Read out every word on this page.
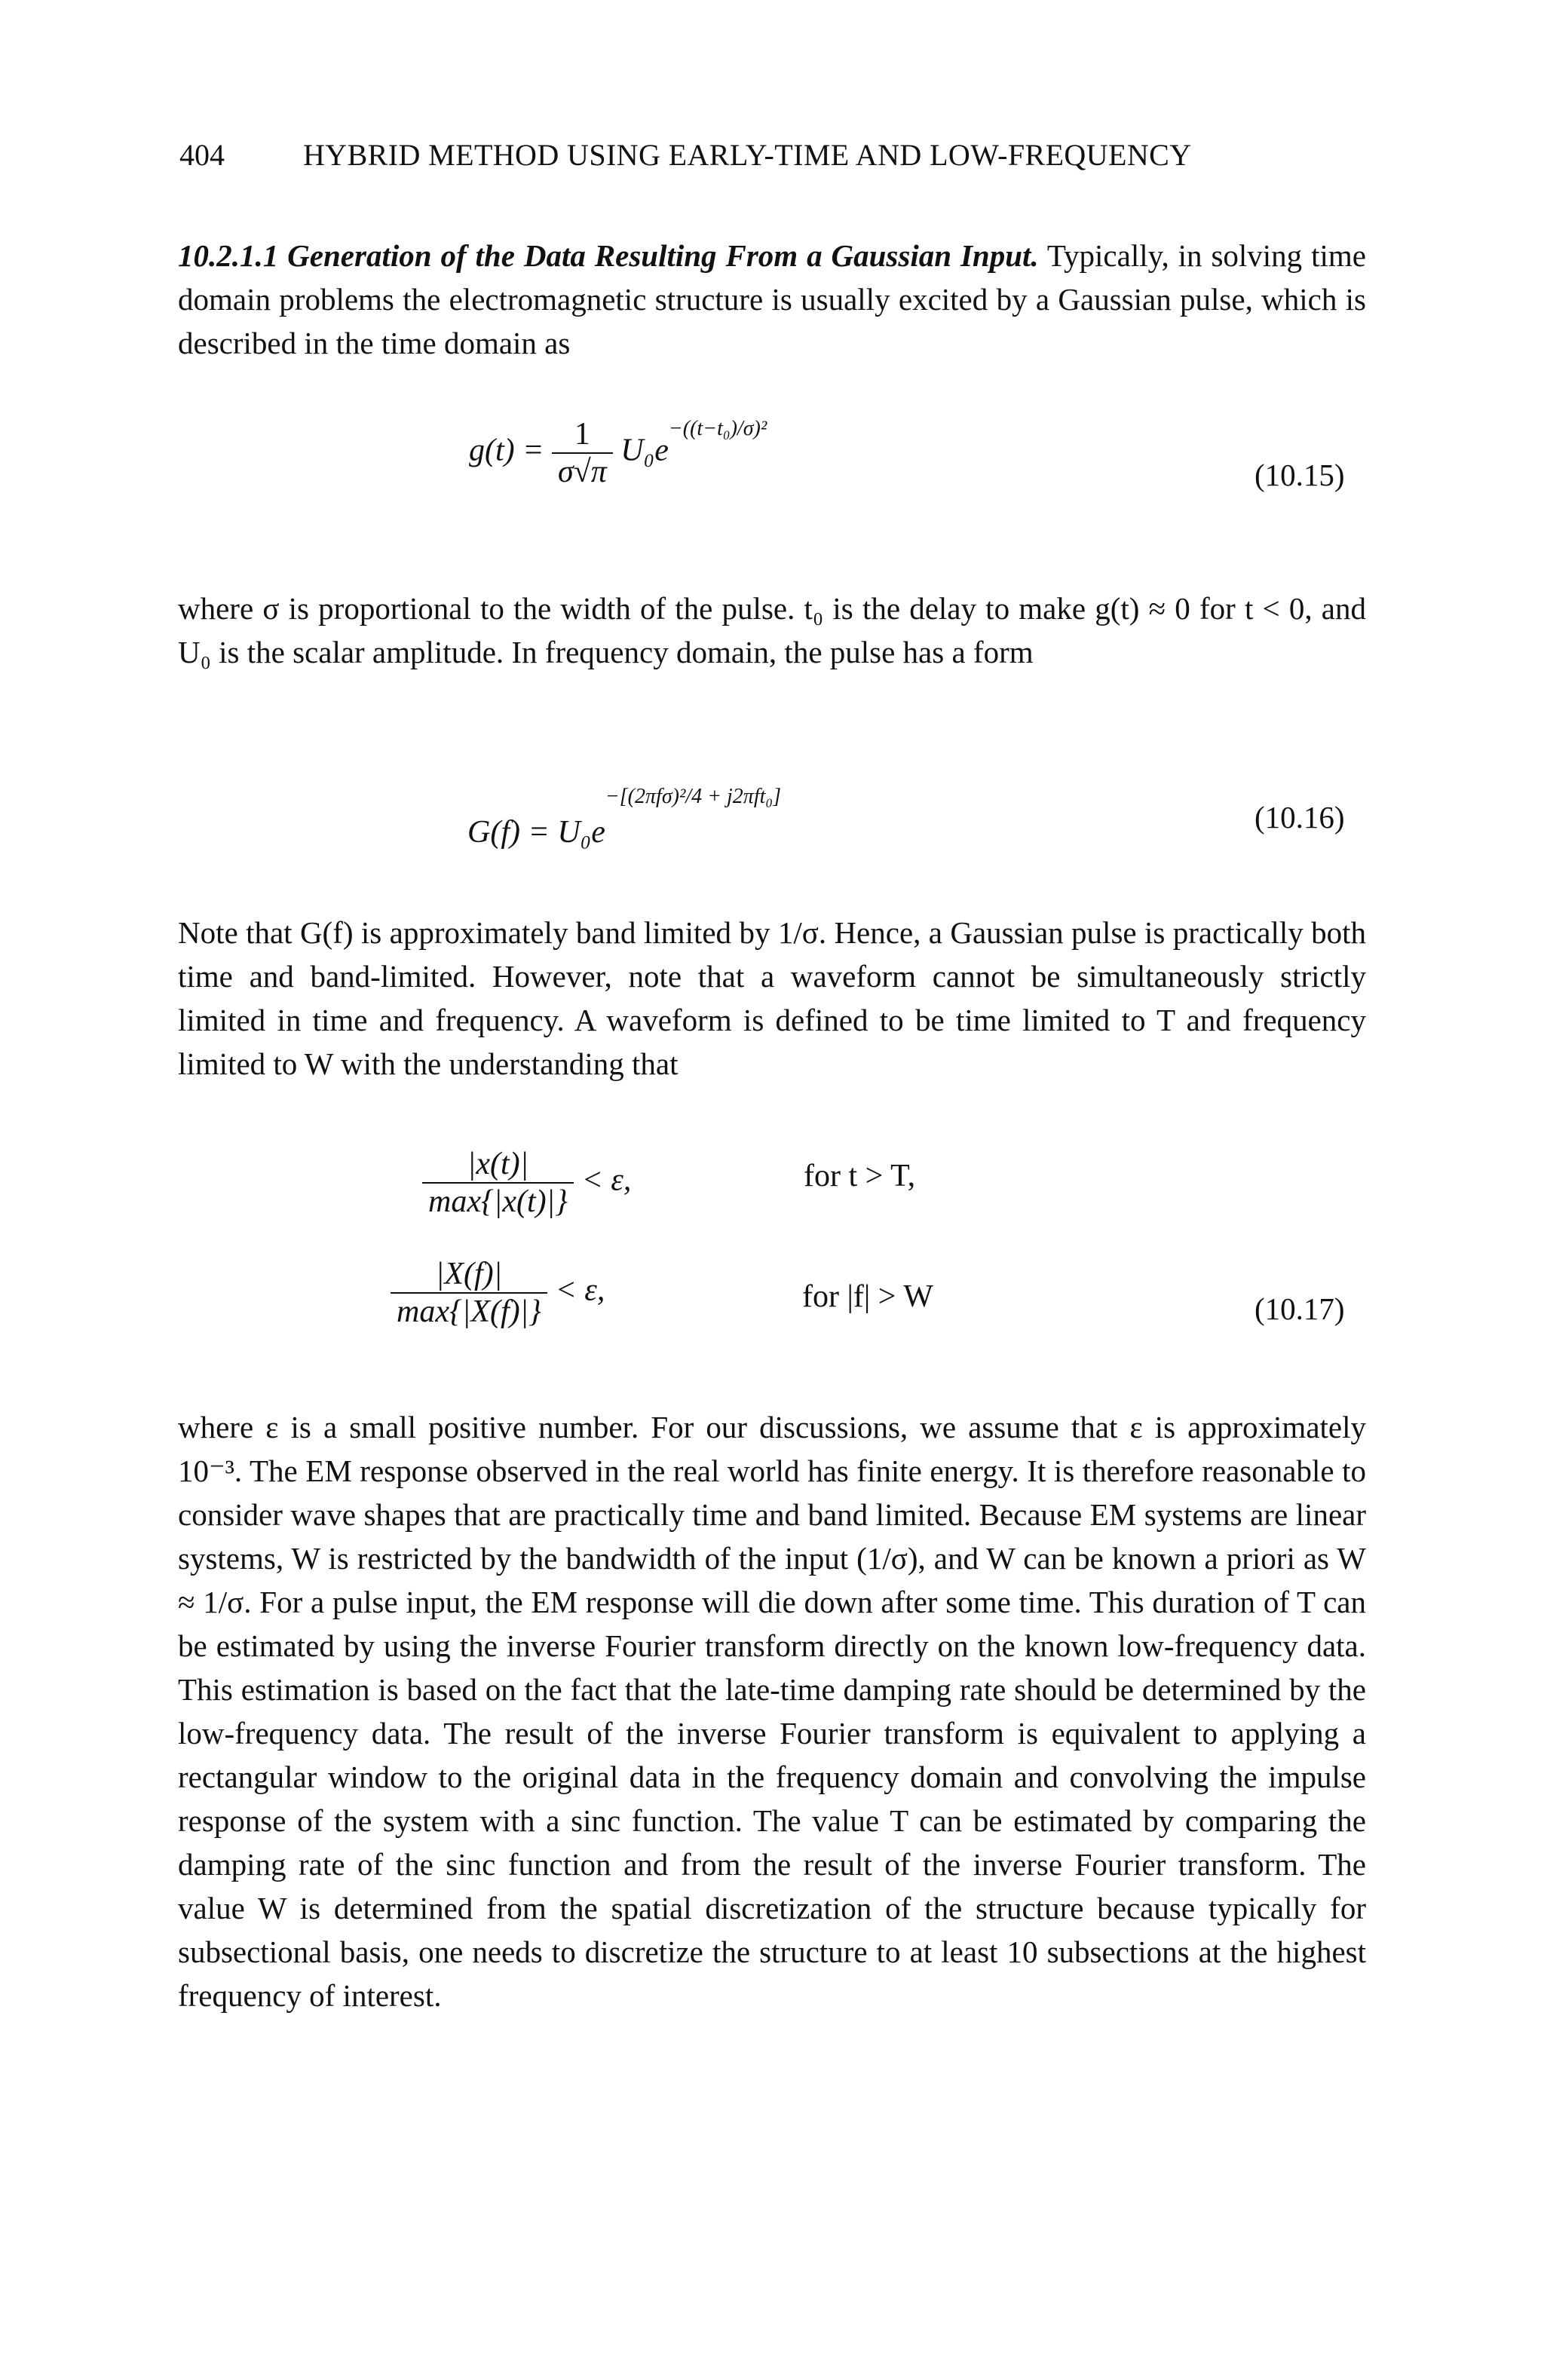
404	HYBRID METHOD USING EARLY-TIME AND LOW-FREQUENCY
10.2.1.1 Generation of the Data Resulting From a Gaussian Input. Typically, in solving time domain problems the electromagnetic structure is usually excited by a Gaussian pulse, which is described in the time domain as
$g(t) = \frac{1}{\sigma√\pi} U_0e^{-((t-t_0)/\sigma)^2}$
(10.15)
where σ is proportional to the width of the pulse. t₀ is the delay to make g(t) ≈ 0 for t < 0, and U₀ is the scalar amplitude. In frequency domain, the pulse has a form
$G(f) = U_0e^{-[(2\pi f\sigma)^2/4 + j2\pi ft_0]}$
(10.16)
Note that G(f) is approximately band limited by 1/σ. Hence, a Gaussian pulse is practically both time and band-limited. However, note that a waveform cannot be simultaneously strictly limited in time and frequency. A waveform is defined to be time limited to T and frequency limited to W with the understanding that
$\frac{|x(t)|}{\max\{|x(t)|\}} < \varepsilon$,	for t > T,
$\frac{|X(f)|}{\max\{|X(f)|\}} < \varepsilon$,	for |f| > W	(10.17)
where ε is a small positive number. For our discussions, we assume that ε is approximately 10⁻³. The EM response observed in the real world has finite energy. It is therefore reasonable to consider wave shapes that are practically time and band limited. Because EM systems are linear systems, W is restricted by the bandwidth of the input (1/σ), and W can be known a priori as W ≈ 1/σ. For a pulse input, the EM response will die down after some time. This duration of T can be estimated by using the inverse Fourier transform directly on the known low-frequency data. This estimation is based on the fact that the late-time damping rate should be determined by the low-frequency data. The result of the inverse Fourier transform is equivalent to applying a rectangular window to the original data in the frequency domain and convolving the impulse response of the system with a sinc function. The value T can be estimated by comparing the damping rate of the sinc function and from the result of the inverse Fourier transform. The value W is determined from the spatial discretization of the structure because typically for subsectional basis, one needs to discretize the structure to at least 10 subsections at the highest frequency of interest.
